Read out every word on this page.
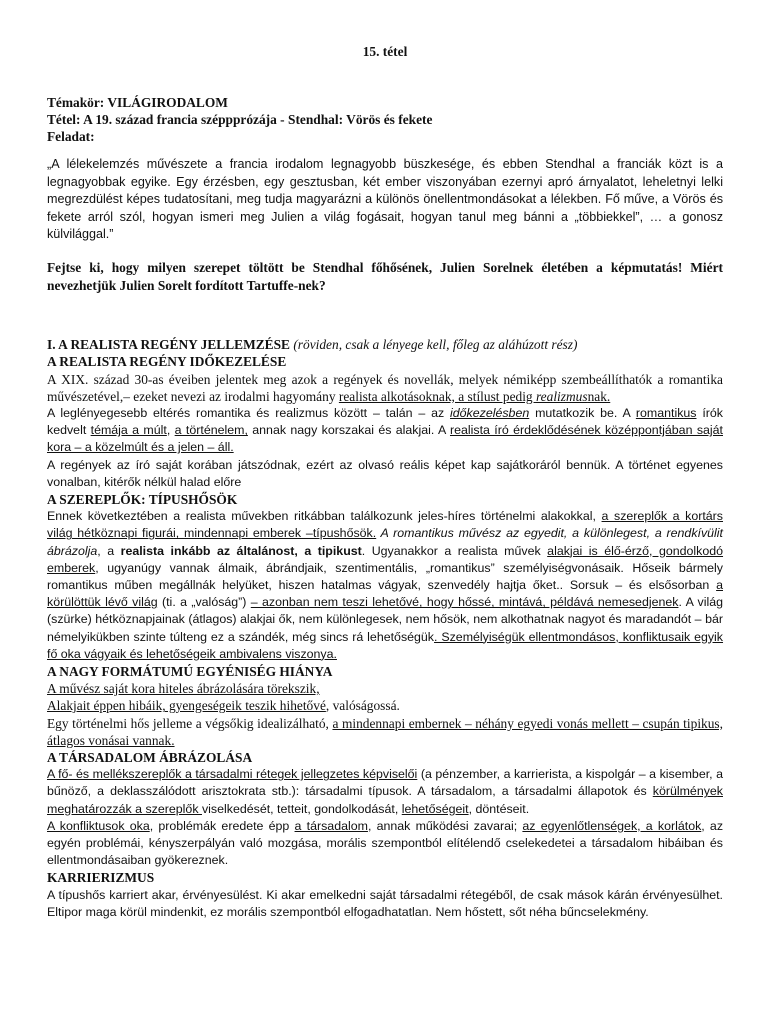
15. tétel
Témakör: VILÁGIRODALOM
Tétel: A 19. század francia széppprózája - Stendhal: Vörös és fekete
Feladat:
„A lélekelemzés művészete a francia irodalom legnagyobb büszkesége, és ebben Stendhal a franciák közt is a legnagyobbak egyike. Egy érzésben, egy gesztusban, két ember viszonyában ezernyi apró árnyalatot, leheletnyi lelki megrezdülést képes tudatosítani, meg tudja magyarázni a különös önellentmondásokat a lélekben. Fő műve, a Vörös és fekete arról szól, hogyan ismeri meg Julien a világ fogásait, hogyan tanul meg bánni a „többiekkel”, … a gonosz külvilággal.”
Fejtse ki, hogy milyen szerepet töltött be Stendhal főhősének, Julien Sorelnek életében a képmutatás! Miért nevezhetjük Julien Sorelt fordított Tartuffe-nek?
I. A REALISTA REGÉNY JELLEMZÉSE (röviden, csak a lényege kell, főleg az aláhúzott rész)
A REALISTA REGÉNY IDŐKEZELÉSE

A XIX. század 30-as éveiben jelentek meg azok a regények és novellák, melyek némiképp szembeállíthatók a romantika művészetével,– ezeket nevezi az irodalmi hagyomány realista alkotásoknak, a stílust pedig realizmusnak.

A leglényegesebb eltérés romantika és realizmus között – talán – az időkezelésben mutatkozik be. A romantikus írók kedvelt témája a múlt, a történelem, annak nagy korszakai és alakjai. A realista író érdeklődésének középpontjában saját kora – a közelmúlt és a jelen – áll.

A regények az író saját korában játszódnak, ezért az olvasó reális képet kap sajátkoráról bennük. A történet egyenes vonalban, kitérők nélkül halad előre

A SZEREPLŐK: TÍPUSHŐSÖK

Ennek következtében a realista művekben ritkábban találkozunk jeles-híres történelmi alakokkal, a szereplők a kortárs világ hétköznapi figurái, mindennapi emberek –típushősök. A romantikus művész az egyedit, a különlegest, a rendkívülit ábrázolja, a realista inkább az általánost, a tipikust. Ugyanakkor a realista művek alakjai is élő-érző, gondolkodó emberek, ugyanúgy vannak álmaik, ábrándjaik, szentimentális, „romantikus” személyiségvonásaik. Hőseik bármely romantikus műben megállnák helyüket, hiszen hatalmas vágyak, szenvedély hajtja őket.. Sorsuk – és elsősorban a körülöttük lévő világ (ti. a „valóság”) – azonban nem teszi lehetővé, hogy hőssé, mintává, példává nemesedjenek. A világ (szürke) hétköznapjainak (átlagos) alakjai ők, nem különlegesek, nem hősök, nem alkothatnak nagyot és maradandót – bár némelyikükben szinte túlteng ez a szándék, még sincs rá lehetőségük. Személyiségük ellentmondásos, konfliktusaik egyik fő oka vágyaik és lehetőségeik ambivalens viszonya.

A NAGY FORMÁTUMÚ EGYÉNISÉG HIÁNYA

A művész saját kora hiteles ábrázolására törekszik,

Alakjait éppen hibáik, gyengeségeik teszik hihetővé, valóságossá.

Egy történelmi hős jelleme a végsőkig idealizálható, a mindennapi embernek – néhány egyedi vonás mellett – csupán tipikus, átlagos vonásai vannak.

A TÁRSADALOM ÁBRÁZOLÁSA

A fő- és mellékszereplők a társadalmi rétegek jellegzetes képviselői (a pénzember, a karrierista, a kispolgár – a kisember, a bűnöző, a deklasszálódott arisztokrata stb.): társadalmi típusok. A társadalom, a társadalmi állapotok és körülmények meghatározzák a szereplők viselkedését, tetteit, gondolkodását, lehetőségeit, döntéseit.

A konfliktusok oka, problémák eredete épp a társadalom, annak működési zavarai; az egyenlőtlenségek, a korlátok, az egyén problémái, kényszerpályán való mozgása, morális szempontból elítélendő cselekedetei a társadalom hibáiban és ellentmondásaiban gyökereznek.

KARRIERIZMUS

A típushős karriert akar, érvényesülést. Ki akar emelkedni saját társadalmi rétegéből, de csak mások kárán érvényesülhet. Eltipor maga körül mindenkit, ez morális szempontból elfogadhatatlan. Nem hőstett, sőt néha bűncselekmény.
